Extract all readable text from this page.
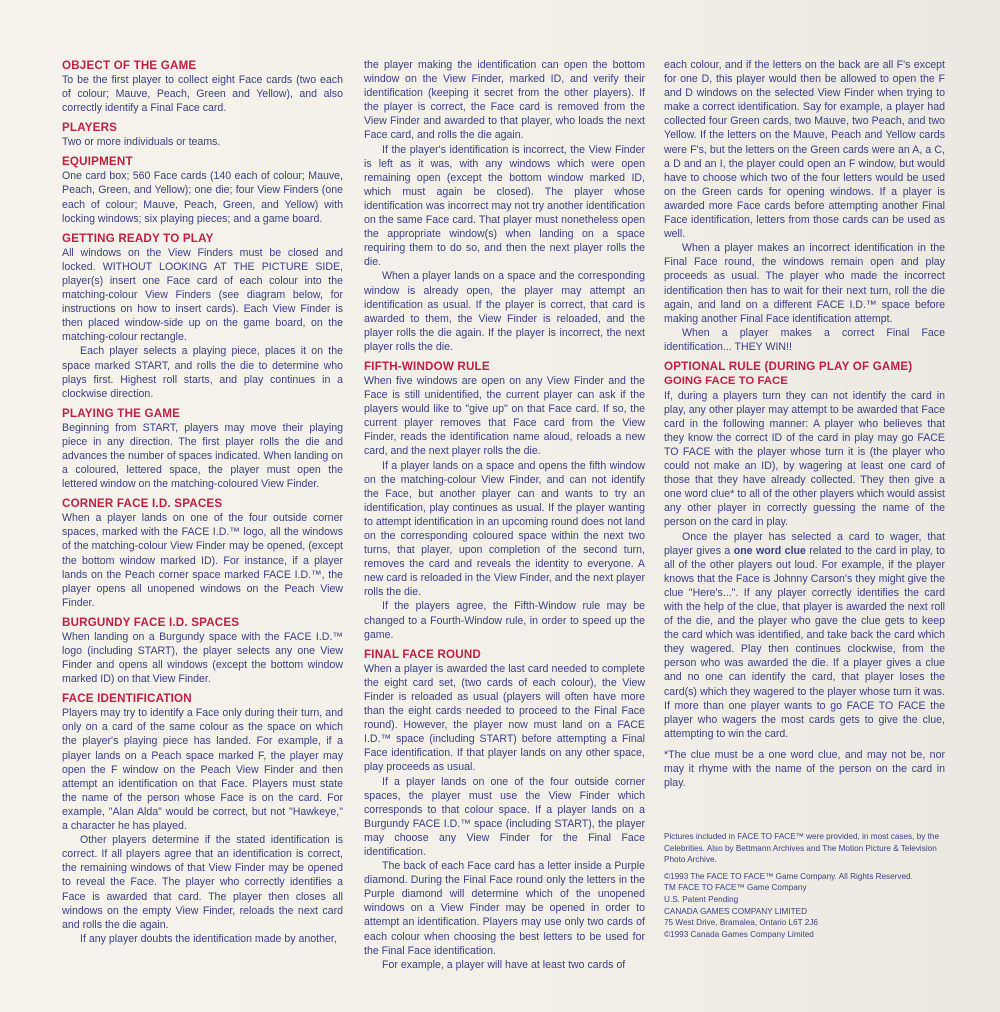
OBJECT OF THE GAME

To be the first player to collect eight Face cards (two each of colour; Mauve, Peach, Green and Yellow), and also correctly identify a Final Face card.

PLAYERS

Two or more individuals or teams.

EQUIPMENT

One card box; 560 Face cards (140 each of colour; Mauve, Peach, Green, and Yellow); one die; four View Finders (one each of colour; Mauve, Peach, Green, and Yellow) with locking windows; six playing pieces; and a game board.

GETTING READY TO PLAY

All windows on the View Finders must be closed and locked. WITHOUT LOOKING AT THE PICTURE SIDE, player(s) insert one Face card of each colour into the matching-colour View Finders (see diagram below, for instructions on how to insert cards). Each View Finder is then placed window-side up on the game board, on the matching-colour rectangle.

Each player selects a playing piece, places it on the space marked START, and rolls the die to determine who plays first. Highest roll starts, and play continues in a clockwise direction.

PLAYING THE GAME

Beginning from START, players may move their playing piece in any direction. The first player rolls the die and advances the number of spaces indicated. When landing on a coloured, lettered space, the player must open the lettered window on the matching-coloured View Finder.

CORNER FACE I.D. SPACES

When a player lands on one of the four outside corner spaces, marked with the FACE I.D.™ logo, all the windows of the matching-colour View Finder may be opened, (except the bottom window marked ID). For instance, if a player lands on the Peach corner space marked FACE I.D.™, the player opens all unopened windows on the Peach View Finder.

BURGUNDY FACE I.D. SPACES

When landing on a Burgundy space with the FACE I.D.™ logo (including START), the player selects any one View Finder and opens all windows (except the bottom window marked ID) on that View Finder.

FACE IDENTIFICATION

Players may try to identify a Face only during their turn, and only on a card of the same colour as the space on which the player's playing piece has landed. For example, if a player lands on a Peach space marked F, the player may open the F window on the Peach View Finder and then attempt an identification on that Face. Players must state the name of the person whose Face is on the card. For example, "Alan Alda" would be correct, but not "Hawkeye," a character he has played.

Other players determine if the stated identification is correct. If all players agree that an identification is correct, the remaining windows of that View Finder may be opened to reveal the Face. The player who correctly identifies a Face is awarded that card. The player then closes all windows on the empty View Finder, reloads the next card and rolls the die again.

If any player doubts the identification made by another,

the player making the identification can open the bottom window on the View Finder, marked ID, and verify their identification (keeping it secret from the other players). If the player is correct, the Face card is removed from the View Finder and awarded to that player, who loads the next Face card, and rolls the die again.

If the player's identification is incorrect, the View Finder is left as it was, with any windows which were open remaining open (except the bottom window marked ID, which must again be closed). The player whose identification was incorrect may not try another identification on the same Face card. That player must nonetheless open the appropriate window(s) when landing on a space requiring them to do so, and then the next player rolls the die.

When a player lands on a space and the corresponding window is already open, the player may attempt an identification as usual. If the player is correct, that card is awarded to them, the View Finder is reloaded, and the player rolls the die again. If the player is incorrect, the next player rolls the die.

FIFTH-WINDOW RULE

When five windows are open on any View Finder and the Face is still unidentified, the current player can ask if the players would like to "give up" on that Face card. If so, the current player removes that Face card from the View Finder, reads the identification name aloud, reloads a new card, and the next player rolls the die.

If a player lands on a space and opens the fifth window on the matching-colour View Finder, and can not identify the Face, but another player can and wants to try an identification, play continues as usual. If the player wanting to attempt identification in an upcoming round does not land on the corresponding coloured space within the next two turns, that player, upon completion of the second turn, removes the card and reveals the identity to everyone. A new card is reloaded in the View Finder, and the next player rolls the die.

If the players agree, the Fifth-Window rule may be changed to a Fourth-Window rule, in order to speed up the game.

FINAL FACE ROUND

When a player is awarded the last card needed to complete the eight card set, (two cards of each colour), the View Finder is reloaded as usual (players will often have more than the eight cards needed to proceed to the Final Face round). However, the player now must land on a FACE I.D.™ space (including START) before attempting a Final Face identification. If that player lands on any other space, play proceeds as usual.

If a player lands on one of the four outside corner spaces, the player must use the View Finder which corresponds to that colour space. If a player lands on a Burgundy FACE I.D.™ space (including START), the player may choose any View Finder for the Final Face identification.

The back of each Face card has a letter inside a Purple diamond. During the Final Face round only the letters in the Purple diamond will determine which of the unopened windows on a View Finder may be opened in order to attempt an identification. Players may use only two cards of each colour when choosing the best letters to be used for the Final Face identification.

For example, a player will have at least two cards of

each colour, and if the letters on the back are all F's except for one D, this player would then be allowed to open the F and D windows on the selected View Finder when trying to make a correct identification. Say for example, a player had collected four Green cards, two Mauve, two Peach, and two Yellow. If the letters on the Mauve, Peach and Yellow cards were F's, but the letters on the Green cards were an A, a C, a D and an I, the player could open an F window, but would have to choose which two of the four letters would be used on the Green cards for opening windows. If a player is awarded more Face cards before attempting another Final Face identification, letters from those cards can be used as well.

When a player makes an incorrect identification in the Final Face round, the windows remain open and play proceeds as usual. The player who made the incorrect identification then has to wait for their next turn, roll the die again, and land on a different FACE I.D.™ space before making another Final Face identification attempt.

When a player makes a correct Final Face identification... THEY WIN!!

OPTIONAL RULE (DURING PLAY OF GAME)
GOING FACE TO FACE

If, during a players turn they can not identify the card in play, any other player may attempt to be awarded that Face card in the following manner: A player who believes that they know the correct ID of the card in play may go FACE TO FACE with the player whose turn it is (the player who could not make an ID), by wagering at least one card of those that they have already collected. They then give a one word clue* to all of the other players which would assist any other player in correctly guessing the name of the person on the card in play.

Once the player has selected a card to wager, that player gives a one word clue related to the card in play, to all of the other players out loud. For example, if the player knows that the Face is Johnny Carson's they might give the clue "Here's...". If any player correctly identifies the card with the help of the clue, that player is awarded the next roll of the die, and the player who gave the clue gets to keep the card which was identified, and take back the card which they wagered. Play then continues clockwise, from the person who was awarded the die. If a player gives a clue and no one can identify the card, that player loses the card(s) which they wagered to the player whose turn it was. If more than one player wants to go FACE TO FACE the player who wagers the most cards gets to give the clue, attempting to win the card.

*The clue must be a one word clue, and may not be, nor may it rhyme with the name of the person on the card in play.

Pictures included in FACE TO FACE™ were provided, in most cases, by the Celebrities. Also by Bettmann Archives and The Motion Picture & Television Photo Archive.

©1993 The FACE TO FACE™ Game Company. All Rights Reserved.

TM FACE TO FACE™ Game Company

U.S. Patent Pending

CANADA GAMES COMPANY LIMITED

75 West Drive, Bramalea, Ontario L6T 2J6

©1993 Canada Games Company Limited
